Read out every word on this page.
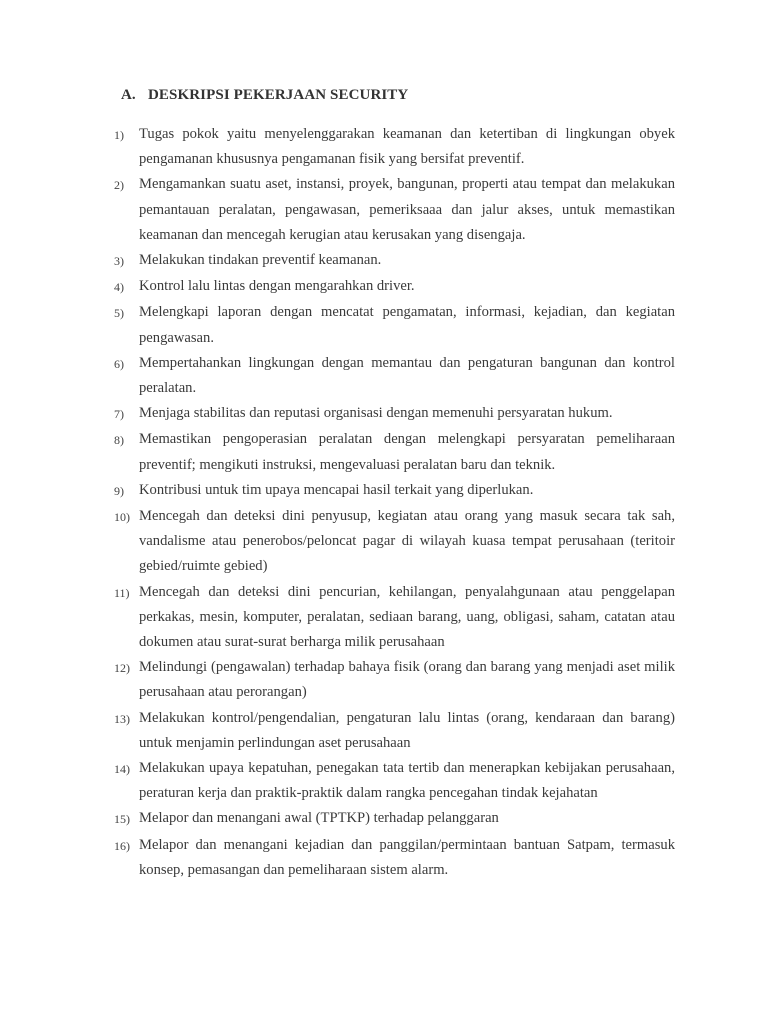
A. DESKRIPSI PEKERJAAN SECURITY
1)	Tugas pokok yaitu menyelenggarakan keamanan dan ketertiban di lingkungan obyek pengamanan khususnya pengamanan fisik yang bersifat preventif.
2)	Mengamankan suatu aset, instansi, proyek, bangunan, properti atau tempat dan melakukan pemantauan peralatan, pengawasan, pemeriksaaa dan jalur akses, untuk memastikan keamanan dan mencegah kerugian atau kerusakan yang disengaja.
3)	Melakukan tindakan preventif keamanan.
4)	Kontrol lalu lintas dengan mengarahkan driver.
5)	Melengkapi laporan dengan mencatat pengamatan, informasi, kejadian, dan kegiatan pengawasan.
6)	Mempertahankan lingkungan dengan memantau dan pengaturan bangunan dan kontrol peralatan.
7)	Menjaga stabilitas dan reputasi organisasi dengan memenuhi persyaratan hukum.
8)	Memastikan pengoperasian peralatan dengan melengkapi persyaratan pemeliharaan preventif; mengikuti instruksi, mengevaluasi peralatan baru dan teknik.
9)	Kontribusi untuk tim upaya mencapai hasil terkait yang diperlukan.
10) Mencegah dan deteksi dini penyusup, kegiatan atau orang yang masuk secara tak sah, vandalisme atau penerobos/peloncat pagar di wilayah kuasa tempat perusahaan (teritoir gebied/ruimte gebied)
11) Mencegah dan deteksi dini pencurian, kehilangan, penyalahgunaan atau penggelapan perkakas, mesin, komputer, peralatan, sediaan barang, uang, obligasi, saham, catatan atau dokumen atau surat-surat berharga milik perusahaan
12) Melindungi (pengawalan) terhadap bahaya fisik (orang dan barang yang menjadi aset milik perusahaan atau perorangan)
13) Melakukan kontrol/pengendalian, pengaturan lalu lintas (orang, kendaraan dan barang) untuk menjamin perlindungan aset perusahaan
14) Melakukan upaya kepatuhan, penegakan tata tertib dan menerapkan kebijakan perusahaan, peraturan kerja dan praktik-praktik dalam rangka pencegahan tindak kejahatan
15) Melapor dan menangani awal (TPTKP) terhadap pelanggaran
16) Melapor dan menangani kejadian dan panggilan/permintaan bantuan Satpam, termasuk konsep, pemasangan dan pemeliharaan sistem alarm.
